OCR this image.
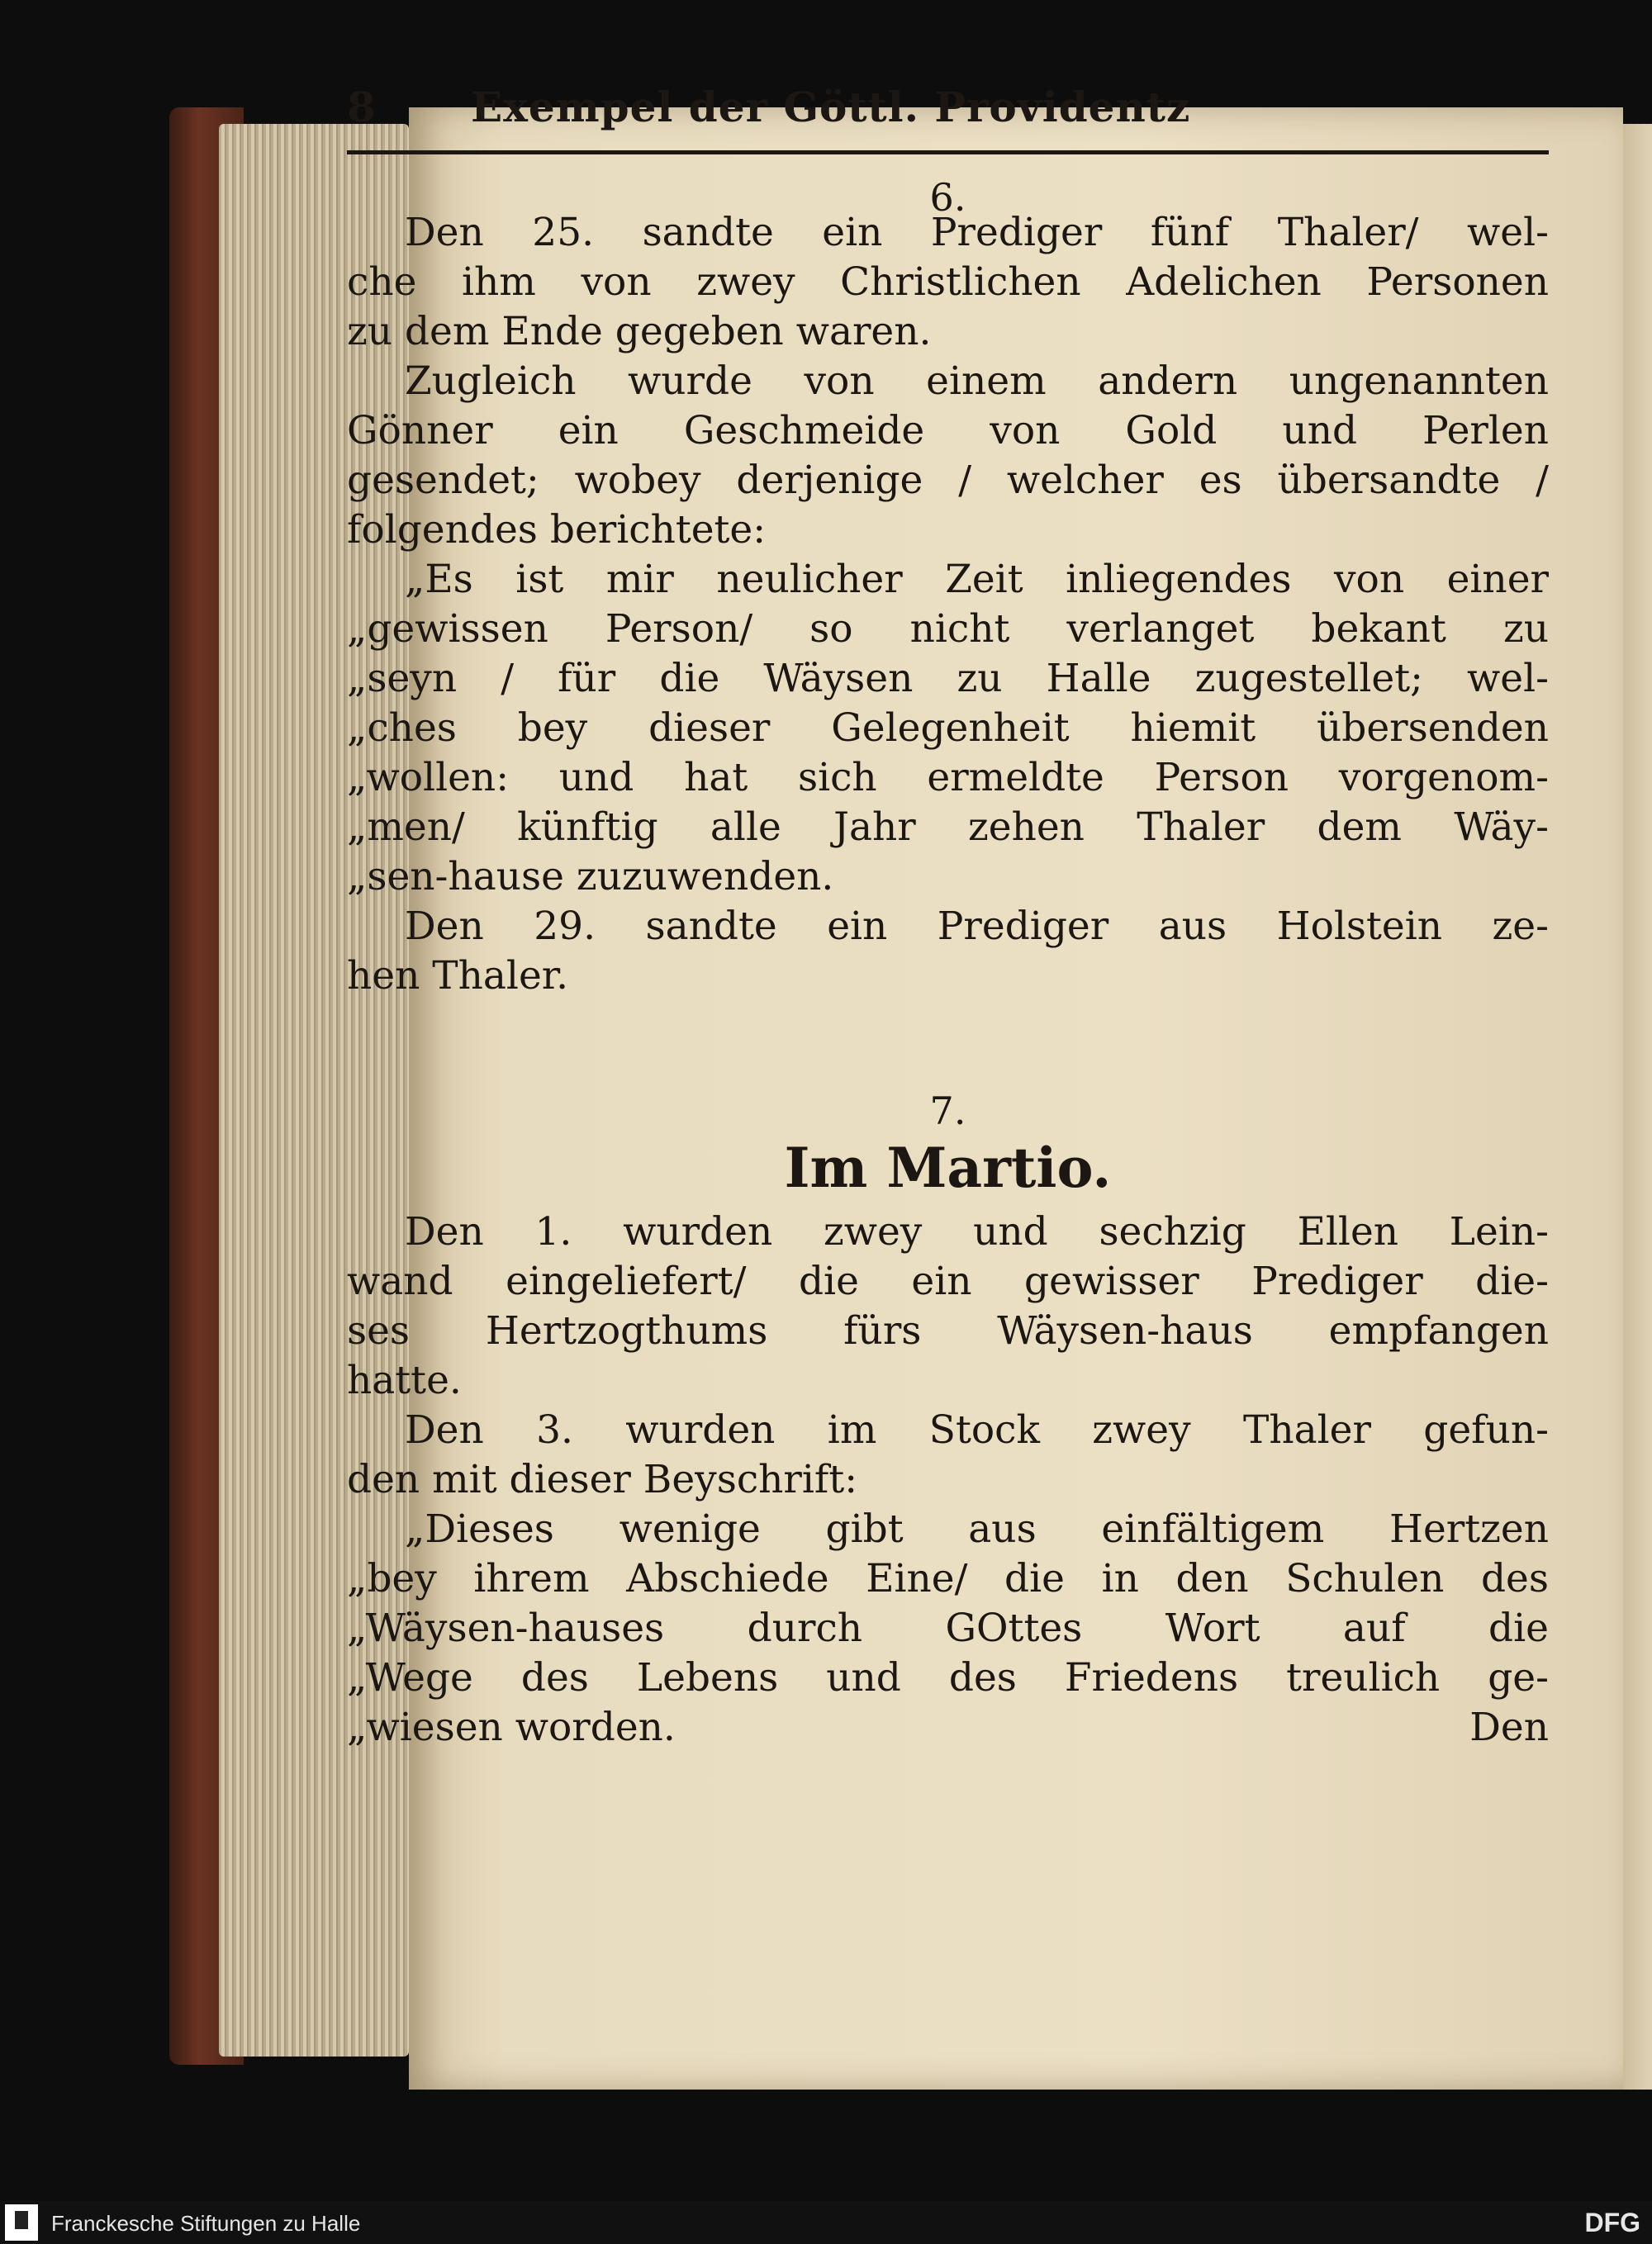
8 Exempel der Göttl. Providentz
6.
Den 25. sandte ein Prediger fünf Thaler/ wel-
che ihm von zwey Christlichen Adelichen Personen
zu dem Ende gegeben waren.
Zugleich wurde von einem andern ungenannten
Gönner ein Geschmeide von Gold und Perlen
gesendet; wobey derjenige / welcher es übersandte /
folgendes berichtete:
„Es ist mir neulicher Zeit inliegendes von einer
„gewissen Person/ so nicht verlanget bekant zu
„seyn / für die Wäysen zu Halle zugestellet; wel-
„ches bey dieser Gelegenheit hiemit übersenden
„wollen: und hat sich ermeldte Person vorgenom-
„men/ künftig alle Jahr zehen Thaler dem Wäy-
„sen-hause zuzuwenden.
Den 29. sandte ein Prediger aus Holstein ze-
hen Thaler.
7.
Im Martio.
Den 1. wurden zwey und sechzig Ellen Lein-
wand eingeliefert/ die ein gewisser Prediger die-
ses Hertzogthums fürs Wäysen-haus empfangen
hatte.
Den 3. wurden im Stock zwey Thaler gefun-
den mit dieser Beyschrift:
„Dieses wenige gibt aus einfältigem Hertzen
„bey ihrem Abschiede Eine/ die in den Schulen des
„Wäysen-hauses durch GOttes Wort auf die
„Wege des Lebens und des Friedens treulich ge-
„wiesen worden.	Den
Franckesche Stiftungen zu Halle	DFG
